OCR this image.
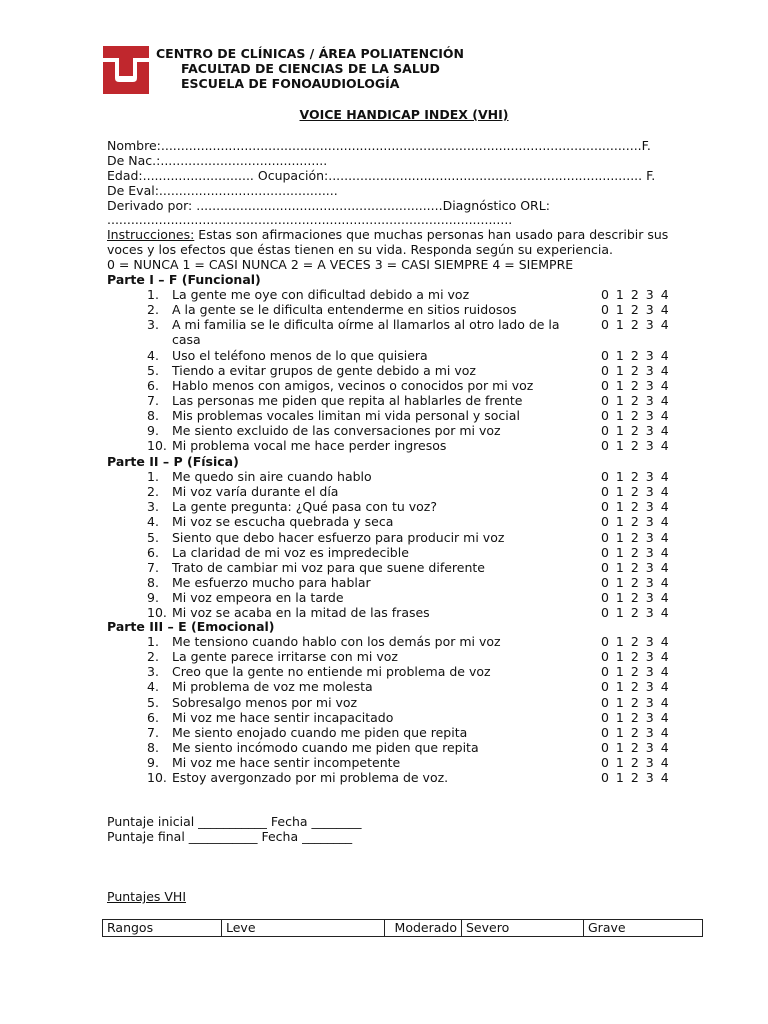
CENTRO DE CLÍNICAS / ÁREA POLIATENCIÓN
FACULTAD DE CIENCIAS DE LA SALUD
ESCUELA DE FONOAUDIOLOGÍA
VOICE HANDICAP INDEX (VHI)
Nombre:.........................................................................................................................F.
De Nac.:..........................................
Edad:............................ Ocupación:............................................................................... F.
De Eval:.............................................
Derivado por: ..............................................................Diagnóstico ORL:
......................................................................................................
Instrucciones: Estas son afirmaciones que muchas personas han usado para describir sus
voces y los efectos que éstas tienen en su vida. Responda según su experiencia.
0 = NUNCA 1 = CASI NUNCA 2 = A VECES 3 = CASI SIEMPRE 4 = SIEMPRE
Parte I – F (Funcional)
1. La gente me oye con dificultad debido a mi voz	0 1 2 3 4
2. A la gente se le dificulta entenderme en sitios ruidosos	0 1 2 3 4
3. A mi familia se le dificulta oírme al llamarlos al otro lado de la
casa
0 1 2 3 4
4. Uso el teléfono menos de lo que quisiera	0 1 2 3 4
5. Tiendo a evitar grupos de gente debido a mi voz	0 1 2 3 4
6. Hablo menos con amigos, vecinos o conocidos por mi voz	0 1 2 3 4
7. Las personas me piden que repita al hablarles de frente	0 1 2 3 4
8. Mis problemas vocales limitan mi vida personal y social	0 1 2 3 4
9. Me siento excluido de las conversaciones por mi voz	0 1 2 3 4
10. Mi problema vocal me hace perder ingresos	0 1 2 3 4
Parte II – P (Física)
1. Me quedo sin aire cuando hablo	0 1 2 3 4
2. Mi voz varía durante el día	0 1 2 3 4
3. La gente pregunta: ¿Qué pasa con tu voz?	0 1 2 3 4
4. Mi voz se escucha quebrada y seca	0 1 2 3 4
5. Siento que debo hacer esfuerzo para producir mi voz	0 1 2 3 4
6. La claridad de mi voz es impredecible	0 1 2 3 4
7. Trato de cambiar mi voz para que suene diferente	0 1 2 3 4
8. Me esfuerzo mucho para hablar	0 1 2 3 4
9. Mi voz empeora en la tarde	0 1 2 3 4
10. Mi voz se acaba en la mitad de las frases	0 1 2 3 4
Parte III – E (Emocional)
1. Me tensiono cuando hablo con los demás por mi voz	0 1 2 3 4
2. La gente parece irritarse con mi voz	0 1 2 3 4
3. Creo que la gente no entiende mi problema de voz	0 1 2 3 4
4. Mi problema de voz me molesta	0 1 2 3 4
5. Sobresalgo menos por mi voz	0 1 2 3 4
6. Mi voz me hace sentir incapacitado	0 1 2 3 4
7. Me siento enojado cuando me piden que repita	0 1 2 3 4
8. Me siento incómodo cuando me piden que repita	0 1 2 3 4
9. Mi voz me hace sentir incompetente	0 1 2 3 4
10. Estoy avergonzado por mi problema de voz.	0 1 2 3 4
Puntaje inicial ___________ Fecha ________
Puntaje final ___________ Fecha ________
Puntajes VHI
Rangos	Leve	Moderado	Severo	Grave
